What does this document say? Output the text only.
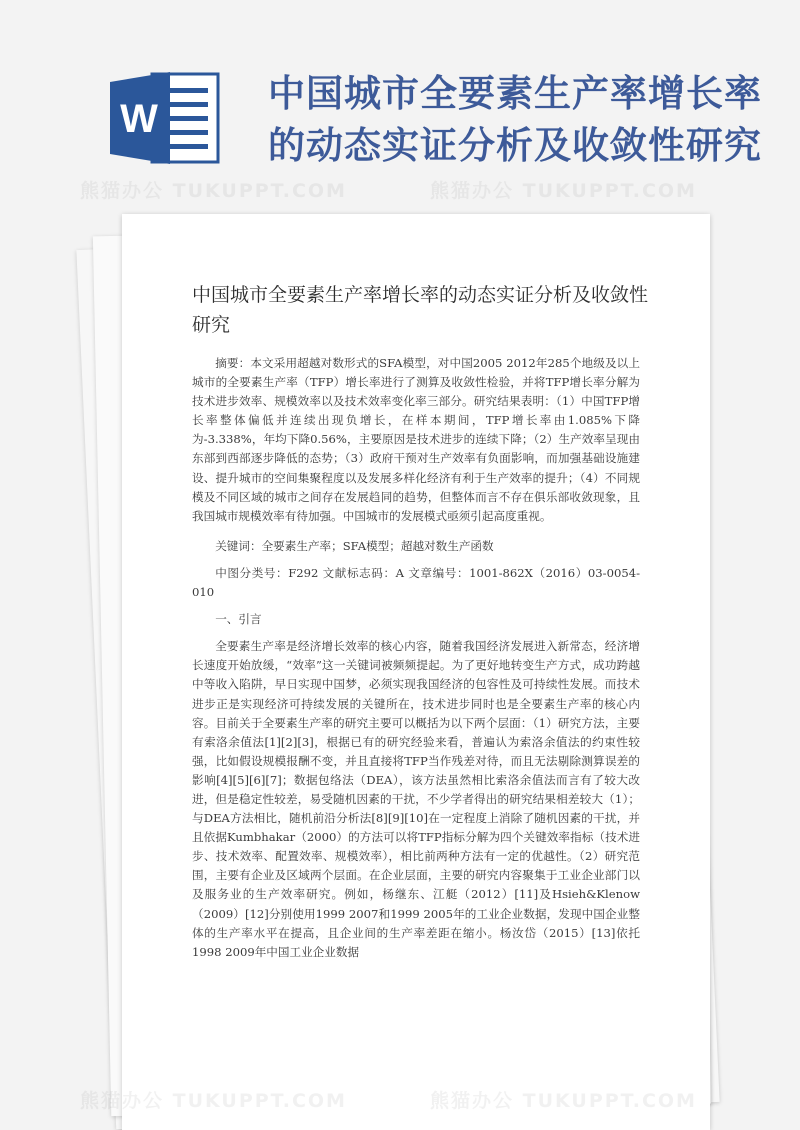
W
中国城市全要素生产率增长率的动态实证分析及收敛性研究
熊猫办公 TUKUPPT.COM	熊猫办公 TUKUPPT.COM
中国城市全要素生产率增长率的动态实证分析及收敛性研究

摘要：本文采用超越对数形式的SFA模型，对中国2005 2012年285个地级及以上城市的全要素生产率（TFP）增长率进行了测算及收敛性检验，并将TFP增长率分解为技术进步效率、规模效率以及技术效率变化率三部分。研究结果表明：（1）中国TFP增长率整体偏低并连续出现负增长，在样本期间，TFP增长率由1.085%下降为-3.338%，年均下降0.56%，主要原因是技术进步的连续下降；（2）生产效率呈现由东部到西部逐步降低的态势；（3）政府干预对生产效率有负面影响，而加强基础设施建设、提升城市的空间集聚程度以及发展多样化经济有利于生产效率的提升；（4）不同规模及不同区域的城市之间存在发展趋同的趋势，但整体而言不存在俱乐部收敛现象，且我国城市规模效率有待加强。中国城市的发展模式亟须引起高度重视。

关键词：全要素生产率；SFA模型；超越对数生产函数

中图分类号：F292 文献标志码：A 文章编号：1001-862X（2016）03-0054-010

一、引言

全要素生产率是经济增长效率的核心内容，随着我国经济发展进入新常态，经济增长速度开始放缓，“效率”这一关键词被频频提起。为了更好地转变生产方式，成功跨越中等收入陷阱，早日实现中国梦，必须实现我国经济的包容性及可持续性发展。而技术进步正是实现经济可持续发展的关键所在，技术进步同时也是全要素生产率的核心内容。目前关于全要素生产率的研究主要可以概括为以下两个层面：（1）研究方法，主要有索洛余值法[1][2][3]，根据已有的研究经验来看，普遍认为索洛余值法的约束性较强，比如假设规模报酬不变，并且直接将TFP当作残差对待，而且无法剔除测算误差的影响[4][5][6][7]；数据包络法（DEA），该方法虽然相比索洛余值法而言有了较大改进，但是稳定性较差，易受随机因素的干扰，不少学者得出的研究结果相差较大（1）；与DEA方法相比，随机前沿分析法[8][9][10]在一定程度上消除了随机因素的干扰，并且依据Kumbhakar（2000）的方法可以将TFP指标分解为四个关键效率指标（技术进步、技术效率、配置效率、规模效率），相比前两种方法有一定的优越性。（2）研究范围，主要有企业及区域两个层面。在企业层面，主要的研究内容聚集于工业企业部门以及服务业的生产效率研究。例如，杨继东、江艇（2012）[11]及Hsieh&Klenow（2009）[12]分别使用1999 2007和1999 2005年的工业企业数据，发现中国企业整体的生产率水平在提高，且企业间的生产率差距在缩小。杨汝岱（2015）[13]依托1998 2009年中国工业企业数据
